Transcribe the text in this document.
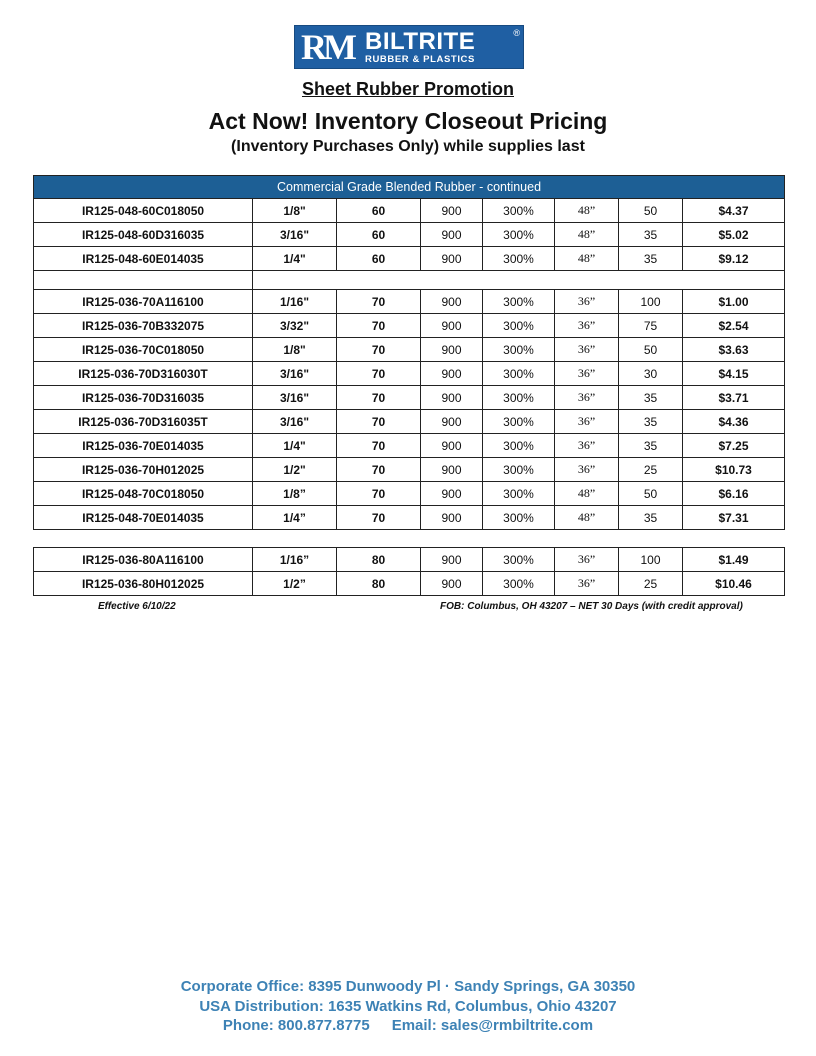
RM BILTRITE
RUBBER & PLASTICS
®
Sheet Rubber Promotion
Act Now! Inventory Closeout Pricing
(Inventory Purchases Only) while supplies last
Commercial Grade Blended Rubber - continued							
IR125-048-60C018050	1/8"	60	900	300%	48”	50	$4.37
IR125-048-60D316035	3/16"	60	900	300%	48”	35	$5.02
IR125-048-60E014035	1/4"	60	900	300%	48”	35	$9.12

IR125-036-70A116100	1/16"	70	900	300%	36”	100	$1.00
IR125-036-70B332075	3/32"	70	900	300%	36”	75	$2.54
IR125-036-70C018050	1/8"	70	900	300%	36”	50	$3.63
IR125-036-70D316030T	3/16"	70	900	300%	36”	30	$4.15
IR125-036-70D316035	3/16"	70	900	300%	36”	35	$3.71
IR125-036-70D316035T	3/16"	70	900	300%	36”	35	$4.36
IR125-036-70E014035	1/4"	70	900	300%	36”	35	$7.25
IR125-036-70H012025	1/2"	70	900	300%	36”	25	$10.73
IR125-048-70C018050	1/8”	70	900	300%	48”	50	$6.16
IR125-048-70E014035	1/4”	70	900	300%	48”	35	$7.31
IR125-036-80A116100	1/16”	80	900	300%	36”	100	$1.49
IR125-036-80H012025	1/2”	80	900	300%	36”	25	$10.46
Effective 6/10/22	FOB: Columbus, OH 43207 – NET 30 Days (with credit approval)
Corporate Office: 8395 Dunwoody Pl · Sandy Springs, GA 30350
USA Distribution: 1635 Watkins Rd, Columbus, Ohio 43207
Phone: 800.877.8775 Email: sales@rmbiltrite.com
